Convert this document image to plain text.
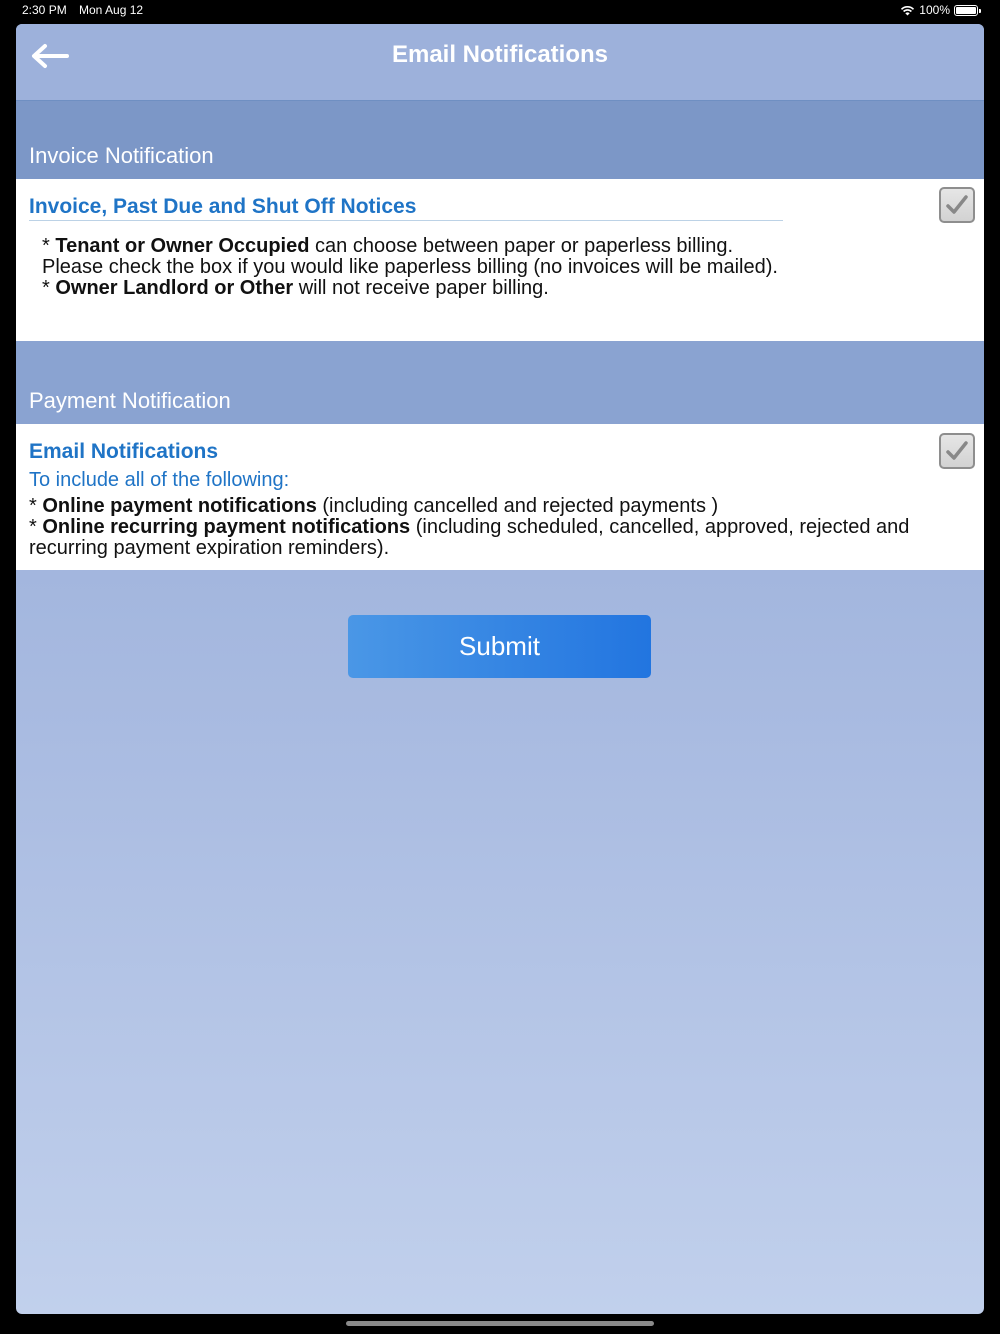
2:30 PM Mon Aug 12	100%
Email Notifications
Invoice Notification
Invoice, Past Due and Shut Off Notices
* Tenant or Owner Occupied can choose between paper or paperless billing. Please check the box if you would like paperless billing (no invoices will be mailed).
* Owner Landlord or Other will not receive paper billing.
Payment Notification
Email Notifications
To include all of the following:
* Online payment notifications (including cancelled and rejected payments )
* Online recurring payment notifications (including scheduled, cancelled, approved, rejected and recurring payment expiration reminders).
Submit
